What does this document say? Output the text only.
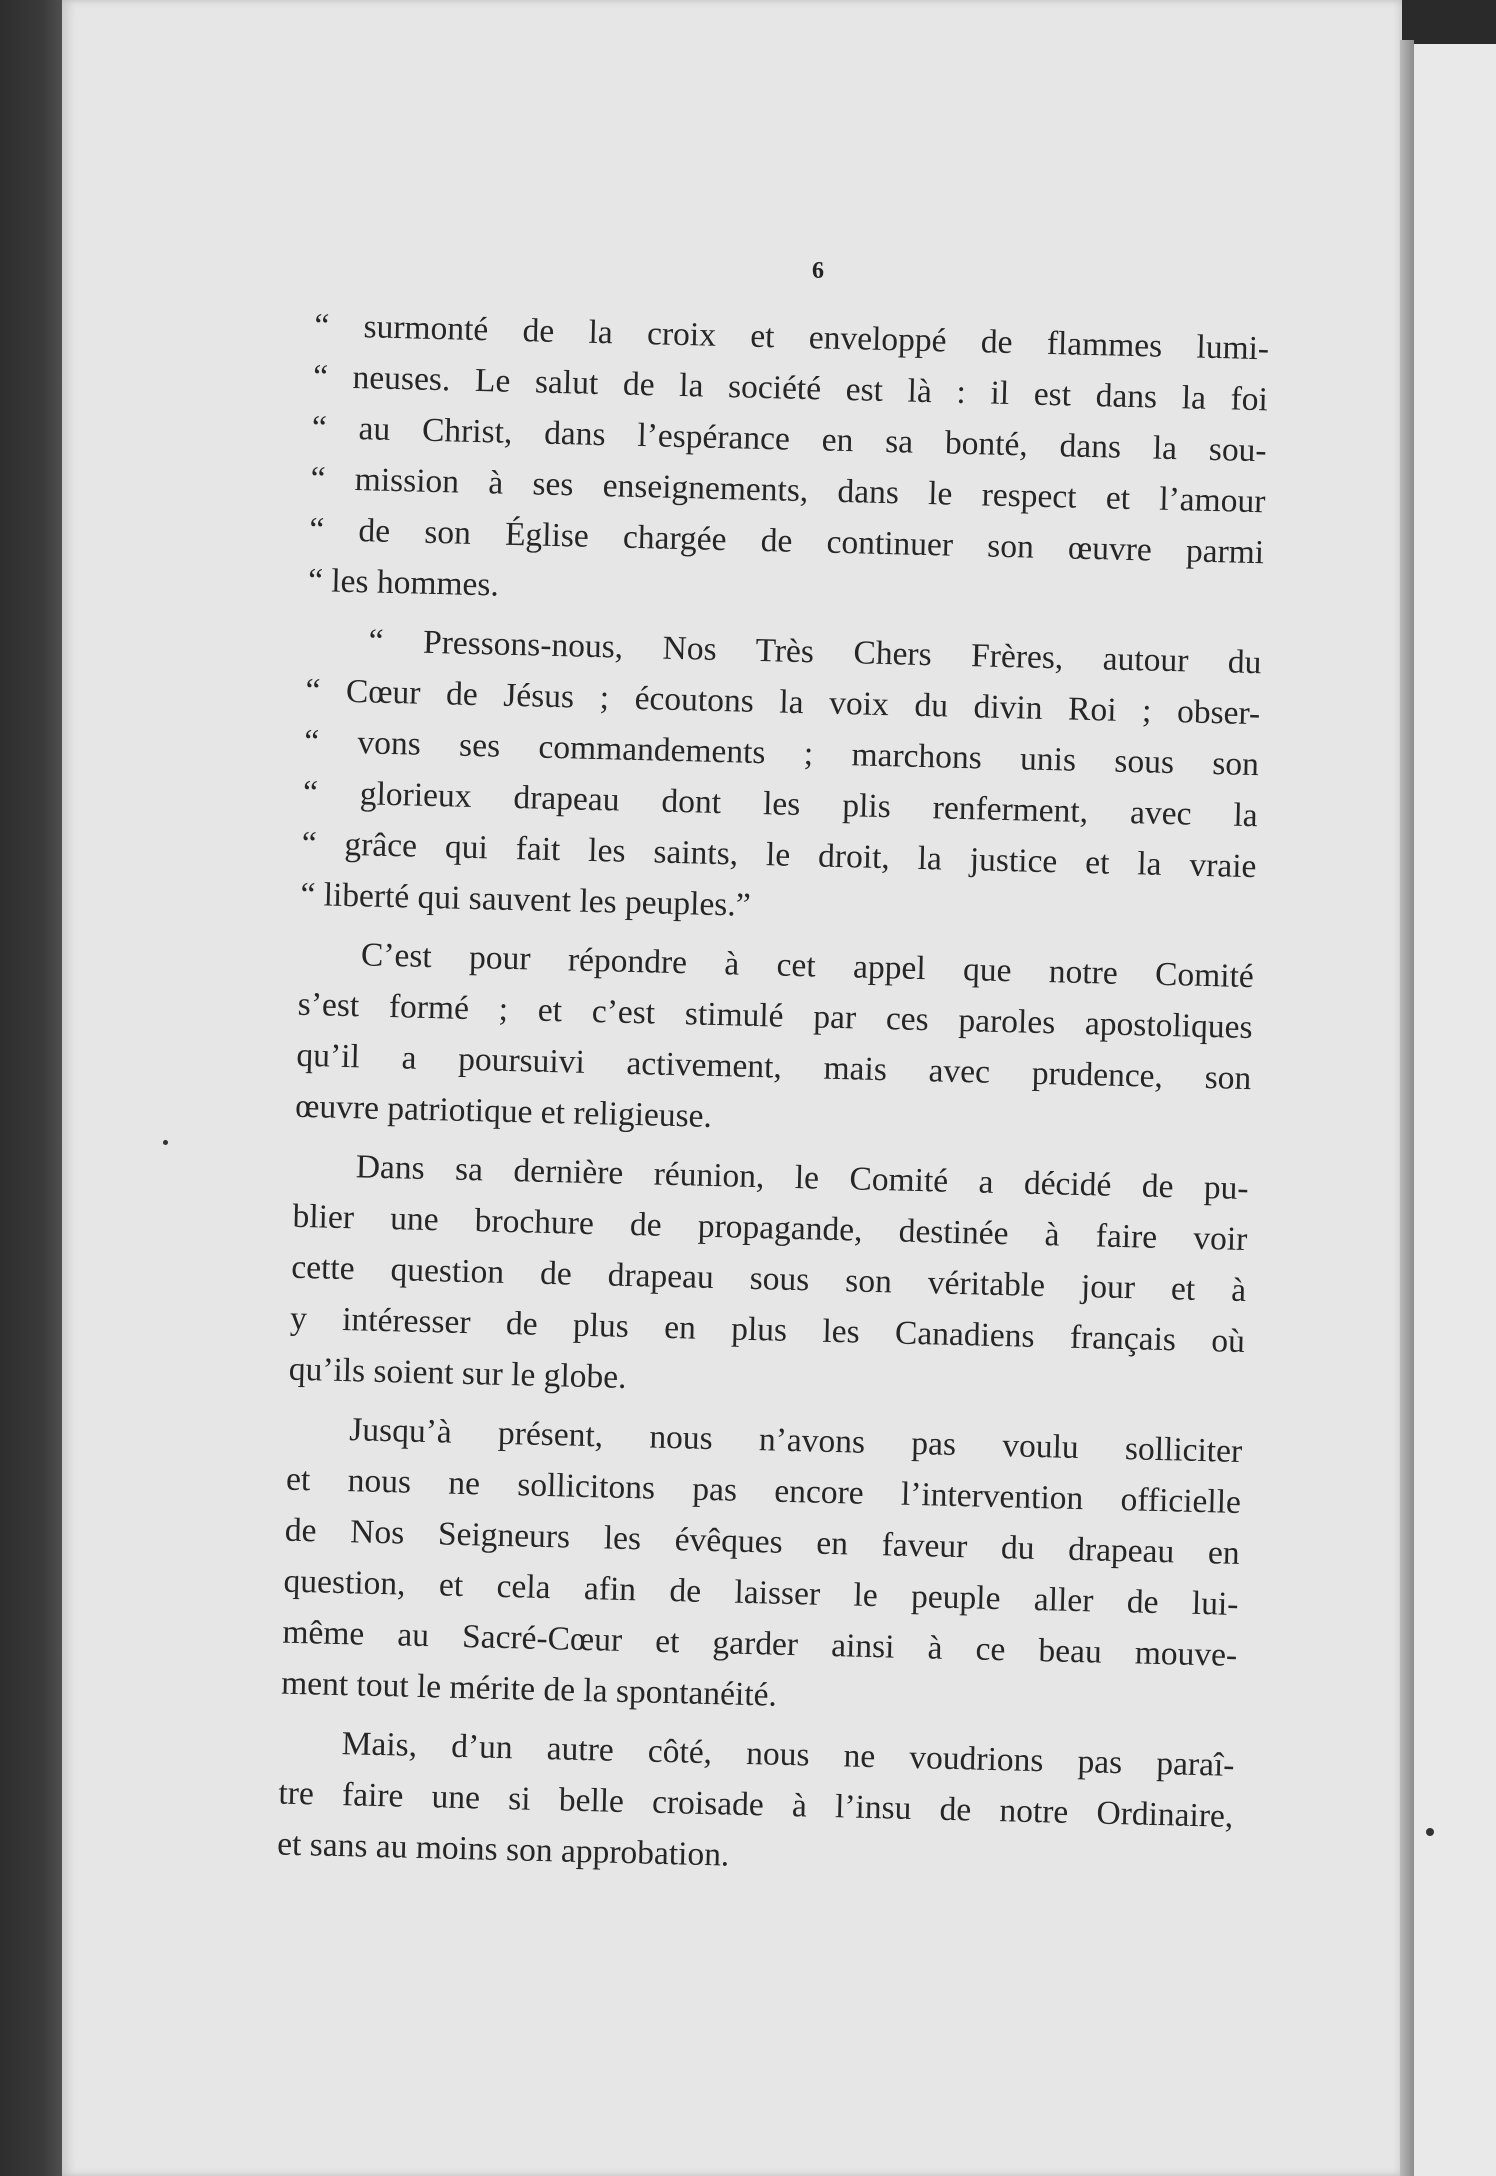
6
“ surmonté de la croix et enveloppé de flammes lumi-
“ neuses. Le salut de la société est là : il est dans la foi
“ au Christ, dans l’espérance en sa bonté, dans la sou-
“ mission à ses enseignements, dans le respect et l’amour
“ de son Église chargée de continuer son œuvre parmi
“ les hommes.
“ Pressons-nous, Nos Très Chers Frères, autour du
“ Cœur de Jésus ; écoutons la voix du divin Roi ; obser-
“ vons ses commandements ; marchons unis sous son
“ glorieux drapeau dont les plis renferment, avec la
“ grâce qui fait les saints, le droit, la justice et la vraie
“ liberté qui sauvent les peuples.”
C’est pour répondre à cet appel que notre Comité
s’est formé ; et c’est stimulé par ces paroles apostoliques
qu’il a poursuivi activement, mais avec prudence, son
œuvre patriotique et religieuse.
Dans sa dernière réunion, le Comité a décidé de pu-
blier une brochure de propagande, destinée à faire voir
cette question de drapeau sous son véritable jour et à
y intéresser de plus en plus les Canadiens français où
qu’ils soient sur le globe.
Jusqu’à présent, nous n’avons pas voulu solliciter
et nous ne sollicitons pas encore l’intervention officielle
de Nos Seigneurs les évêques en faveur du drapeau en
question, et cela afin de laisser le peuple aller de lui-
même au Sacré-Cœur et garder ainsi à ce beau mouve-
ment tout le mérite de la spontanéité.
Mais, d’un autre côté, nous ne voudrions pas paraî-
tre faire une si belle croisade à l’insu de notre Ordinaire,
et sans au moins son approbation.
